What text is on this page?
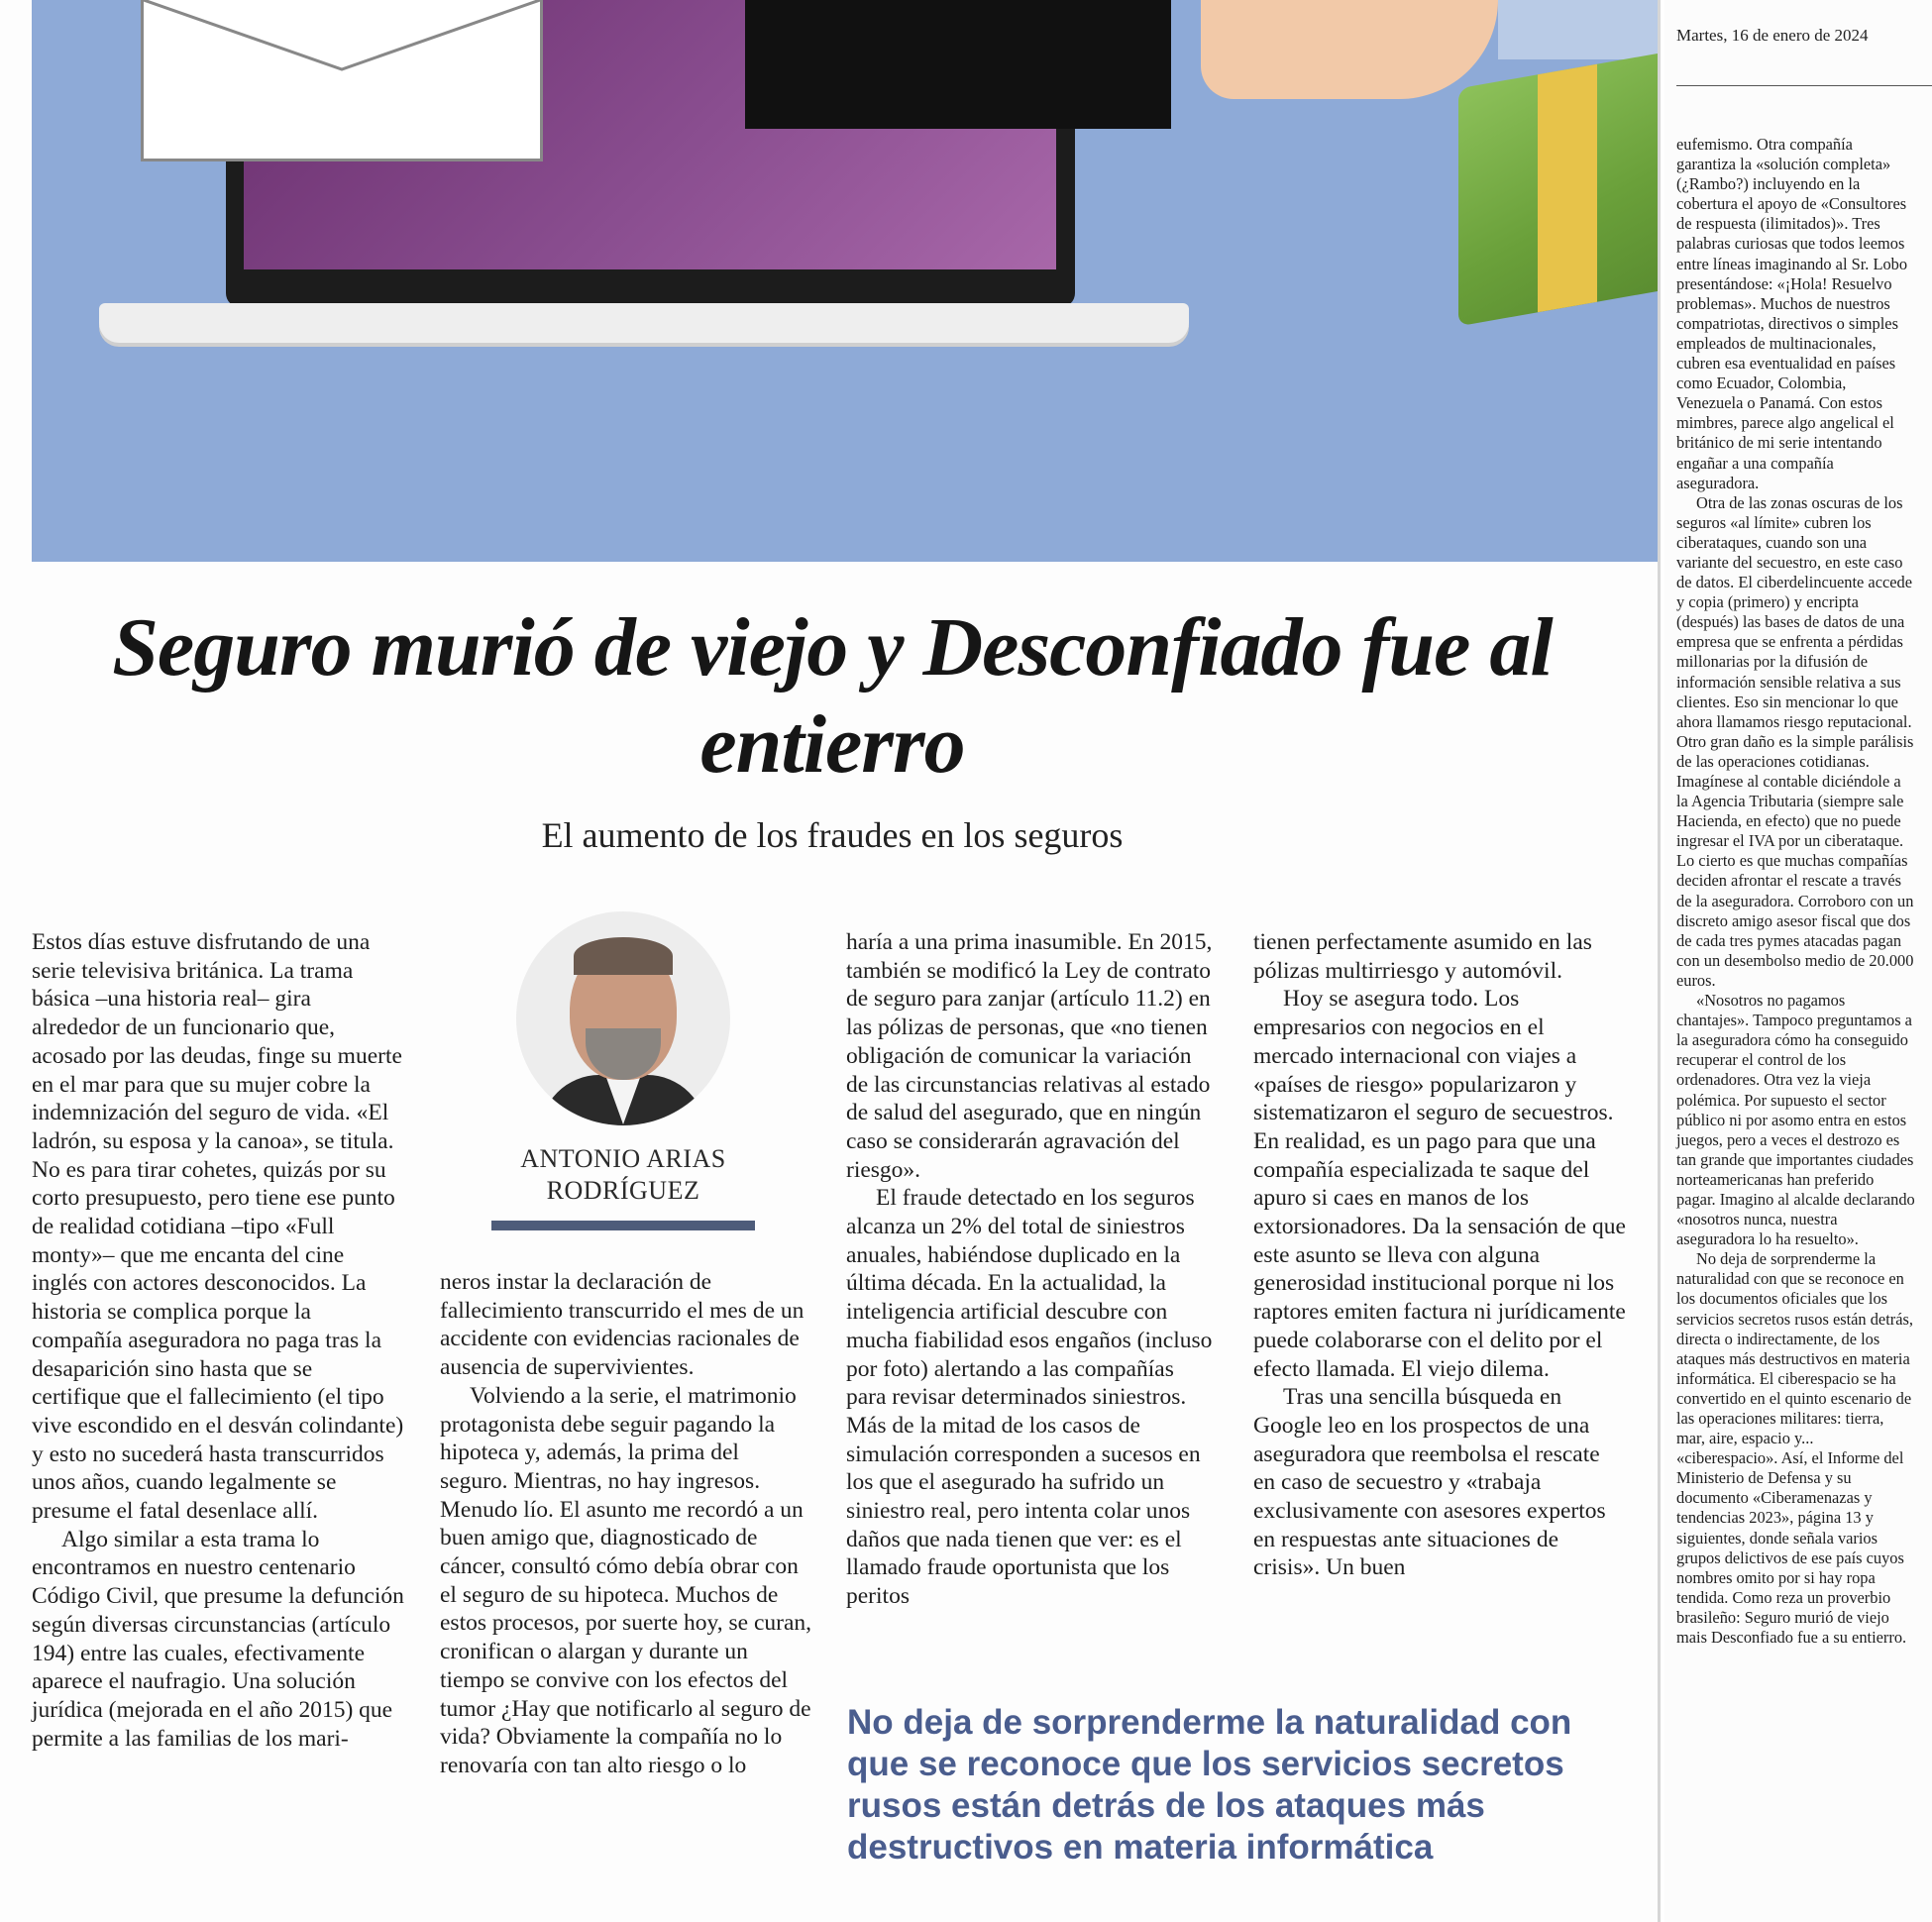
Seguro murió de viejo y Desconfiado fue al entierro
El aumento de los fraudes en los seguros

Estos días estuve disfrutando de una serie televisiva británica. La trama básica –una historia real– gira alrededor de un funcionario que, acosado por las deudas, finge su muerte en el mar para que su mujer cobre la indemnización del seguro de vida. «El ladrón, su esposa y la canoa», se titula. No es para tirar cohetes, quizás por su corto presupuesto, pero tiene ese punto de realidad cotidiana –tipo «Full monty»– que me encanta del cine inglés con actores desconocidos. La historia se complica porque la compañía aseguradora no paga tras la desaparición sino hasta que se certifique que el fallecimiento (el tipo vive escondido en el desván colindante) y esto no sucederá hasta transcurridos unos años, cuando legalmente se presume el fatal desenlace allí.

Algo similar a esta trama lo encontramos en nuestro centenario Código Civil, que presume la defunción según diversas circunstancias (artículo 194) entre las cuales, efectivamente aparece el naufragio. Una solución jurídica (mejorada en el año 2015) que permite a las familias de los mari-

ANTONIO ARIAS RODRÍGUEZ

neros instar la declaración de fallecimiento transcurrido el mes de un accidente con evidencias racionales de ausencia de supervivientes.

Volviendo a la serie, el matrimonio protagonista debe seguir pagando la hipoteca y, además, la prima del seguro. Mientras, no hay ingresos. Menudo lío. El asunto me recordó a un buen amigo que, diagnosticado de cáncer, consultó cómo debía obrar con el seguro de su hipoteca. Muchos de estos procesos, por suerte hoy, se curan, cronifican o alargan y durante un tiempo se convive con los efectos del tumor ¿Hay que notificarlo al seguro de vida? Obviamente la compañía no lo renovaría con tan alto riesgo o lo

haría a una prima inasumible. En 2015, también se modificó la Ley de contrato de seguro para zanjar (artículo 11.2) en las pólizas de personas, que «no tienen obligación de comunicar la variación de las circunstancias relativas al estado de salud del asegurado, que en ningún caso se considerarán agravación del riesgo».

El fraude detectado en los seguros alcanza un 2% del total de siniestros anuales, habiéndose duplicado en la última década. En la actualidad, la inteligencia artificial descubre con mucha fiabilidad esos engaños (incluso por foto) alertando a las compañías para revisar determinados siniestros. Más de la mitad de los casos de simulación corresponden a sucesos en los que el asegurado ha sufrido un siniestro real, pero intenta colar unos daños que nada tienen que ver: es el llamado fraude oportunista que los peritos

tienen perfectamente asumido en las pólizas multirriesgo y automóvil.

Hoy se asegura todo. Los empresarios con negocios en el mercado internacional con viajes a «países de riesgo» popularizaron y sistematizaron el seguro de secuestros. En realidad, es un pago para que una compañía especializada te saque del apuro si caes en manos de los extorsionadores. Da la sensación de que este asunto se lleva con alguna generosidad institucional porque ni los raptores emiten factura ni jurídicamente puede colaborarse con el delito por el efecto llamada. El viejo dilema.

Tras una sencilla búsqueda en Google leo en los prospectos de una aseguradora que reembolsa el rescate en caso de secuestro y «trabaja exclusivamente con asesores expertos en respuestas ante situaciones de crisis». Un buen

No deja de sorprenderme la naturalidad con que se reconoce que los servicios secretos rusos están detrás de los ataques más destructivos en materia informática
Martes, 16 de enero de 2024

eufemismo. Otra compañía garantiza la «solución completa» (¿Rambo?) incluyendo en la cobertura el apoyo de «Consultores de respuesta (ilimitados)». Tres palabras curiosas que todos leemos entre líneas imaginando al Sr. Lobo presentándose: «¡Hola! Resuelvo problemas». Muchos de nuestros compatriotas, directivos o simples empleados de multinacionales, cubren esa eventualidad en países como Ecuador, Colombia, Venezuela o Panamá. Con estos mimbres, parece algo angelical el británico de mi serie intentando engañar a una compañía aseguradora.

Otra de las zonas oscuras de los seguros «al límite» cubren los ciberataques, cuando son una variante del secuestro, en este caso de datos. El ciberdelincuente accede y copia (primero) y encripta (después) las bases de datos de una empresa que se enfrenta a pérdidas millonarias por la difusión de información sensible relativa a sus clientes. Eso sin mencionar lo que ahora llamamos riesgo reputacional. Otro gran daño es la simple parálisis de las operaciones cotidianas. Imagínese al contable diciéndole a la Agencia Tributaria (siempre sale Hacienda, en efecto) que no puede ingresar el IVA por un ciberataque. Lo cierto es que muchas compañías deciden afrontar el rescate a través de la aseguradora. Corroboro con un discreto amigo asesor fiscal que dos de cada tres pymes atacadas pagan con un desembolso medio de 20.000 euros.

«Nosotros no pagamos chantajes». Tampoco preguntamos a la aseguradora cómo ha conseguido recuperar el control de los ordenadores. Otra vez la vieja polémica. Por supuesto el sector público ni por asomo entra en estos juegos, pero a veces el destrozo es tan grande que importantes ciudades norteamericanas han preferido pagar. Imagino al alcalde declarando «nosotros nunca, nuestra aseguradora lo ha resuelto».

No deja de sorprenderme la naturalidad con que se reconoce en los documentos oficiales que los servicios secretos rusos están detrás, directa o indirectamente, de los ataques más destructivos en materia informática. El ciberespacio se ha convertido en el quinto escenario de las operaciones militares: tierra, mar, aire, espacio y... «ciberespacio». Así, el Informe del Ministerio de Defensa y su documento «Ciberamenazas y tendencias 2023», página 13 y siguientes, donde señala varios grupos delictivos de ese país cuyos nombres omito por si hay ropa tendida. Como reza un proverbio brasileño: Seguro murió de viejo mais Desconfiado fue a su entierro.
